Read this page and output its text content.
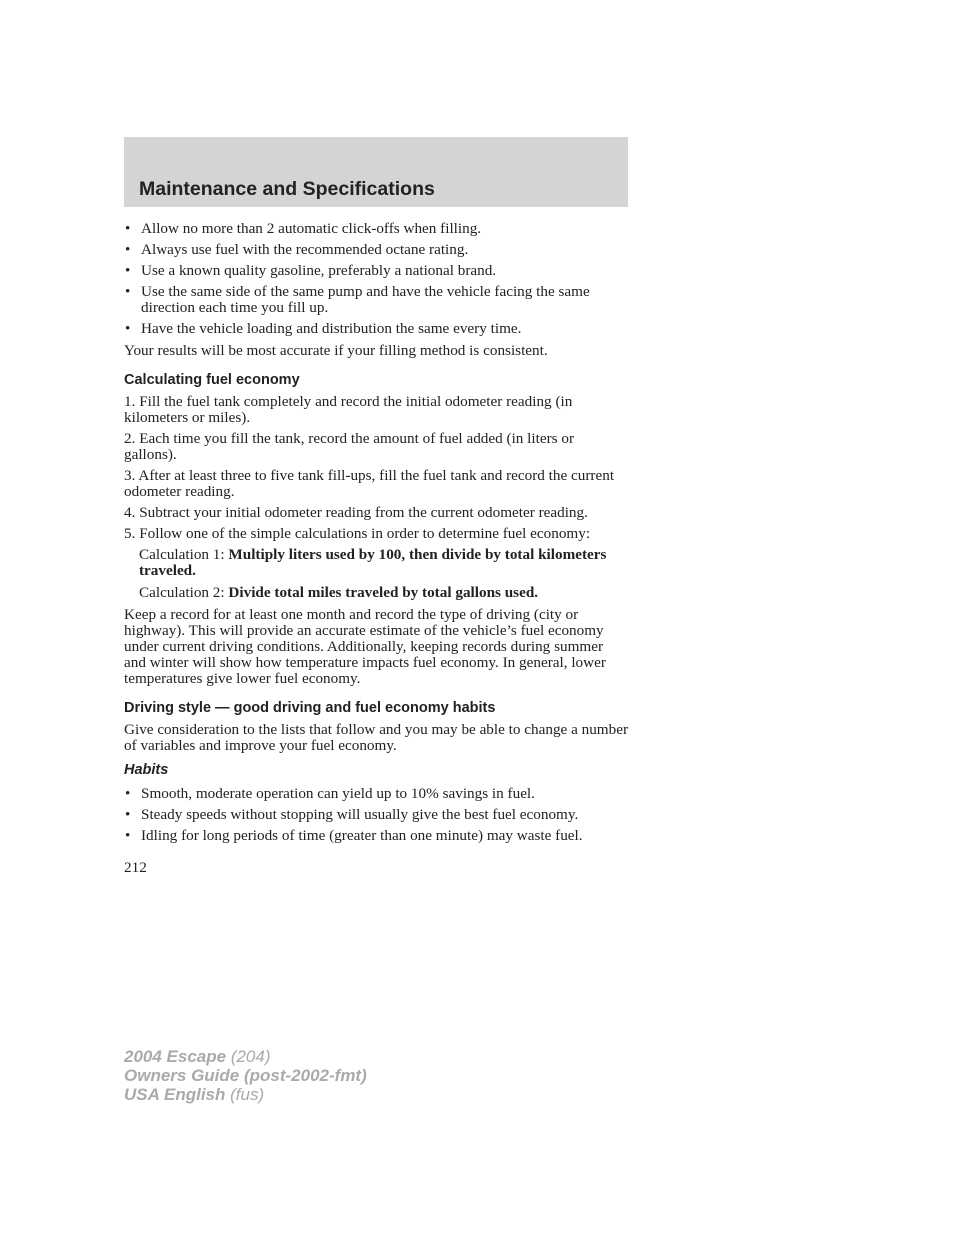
Maintenance and Specifications
• Allow no more than 2 automatic click-offs when filling.
• Always use fuel with the recommended octane rating.
• Use a known quality gasoline, preferably a national brand.
• Use the same side of the same pump and have the vehicle facing the same direction each time you fill up.
• Have the vehicle loading and distribution the same every time.

Your results will be most accurate if your filling method is consistent.

Calculating fuel economy

1. Fill the fuel tank completely and record the initial odometer reading (in kilometers or miles).

2. Each time you fill the tank, record the amount of fuel added (in liters or gallons).

3. After at least three to five tank fill-ups, fill the fuel tank and record the current odometer reading.

4. Subtract your initial odometer reading from the current odometer reading.

5. Follow one of the simple calculations in order to determine fuel economy:

Calculation 1: Multiply liters used by 100, then divide by total kilometers traveled.

Calculation 2: Divide total miles traveled by total gallons used.

Keep a record for at least one month and record the type of driving (city or highway). This will provide an accurate estimate of the vehicle’s fuel economy under current driving conditions. Additionally, keeping records during summer and winter will show how temperature impacts fuel economy. In general, lower temperatures give lower fuel economy.

Driving style — good driving and fuel economy habits

Give consideration to the lists that follow and you may be able to change a number of variables and improve your fuel economy.

Habits
• Smooth, moderate operation can yield up to 10% savings in fuel.
• Steady speeds without stopping will usually give the best fuel economy.
• Idling for long periods of time (greater than one minute) may waste fuel.
212
2004 Escape (204)
Owners Guide (post-2002-fmt)
USA English (fus)
